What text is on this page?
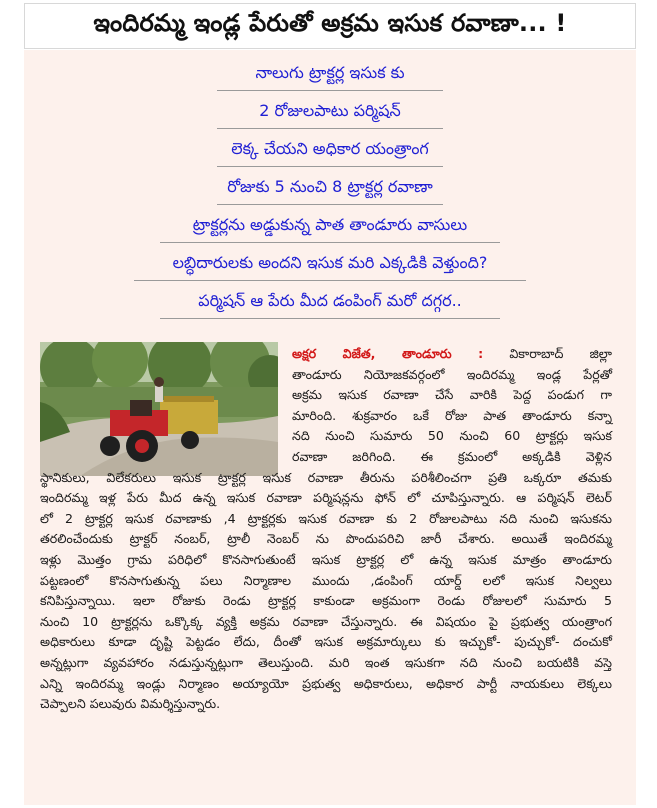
ఇందిరమ్మ ఇండ్ల పేరుతో అక్రమ ఇసుక రవాణా... !
నాలుగు ట్రాక్టర్ల ఇసుక కు
2 రోజులపాటు పర్మిషన్
లెక్క చేయని అధికార యంత్రాంగ
రోజుకు 5 నుంచి 8 ట్రాక్టర్ల రవాణా
ట్రాక్టర్లను అడ్డుకున్న పాత తాండూరు వాసులు
లబ్ధిదారులకు అందని ఇసుక మరి ఎక్కడికి వెళ్తుంది?
పర్మిషన్ ఆ పేరు మీద డంపింగ్ మరో దగ్గర..
అక్షర విజేత, తాండూరు : వికారాబాద్ జిల్లా
తాండూరు నియోజకవర్గంలో ఇందిరమ్మ ఇండ్ల పేర్లతో
అక్రమ ఇసుక రవాణా చేసే వారికి పెద్ద పండుగ గా
మారింది. శుక్రవారం ఒకే రోజు పాత తాండూరు కన్నా
నది నుంచి సుమారు 50 నుంచి 60 ట్రాక్టర్లు ఇసుక
రవాణా జరిగింది. ఈ క్రమంలో అక్కడికి వెళ్లిన
స్థానికులు, విలేకరులు ఇసుక ట్రాక్టర్ల ఇసుక రవాణా తీరును పరిశీలించగా ప్రతి ఒక్కరూ తమకు
ఇందిరమ్మ ఇళ్ల పేరు మీద ఉన్న ఇసుక రవాణా పర్మిషన్లను ఫోన్ లో చూపిస్తున్నారు. ఆ పర్మిషన్ లెటర్
లో 2 ట్రాక్టర్ల ఇసుక రవాణాకు ,4 ట్రాక్టర్లకు ఇసుక రవాణా కు 2 రోజులపాటు నది నుంచి ఇసుకను
తరలించేందుకు ట్రాక్టర్ నంబర్, ట్రాలీ నెంబర్ ను పొందుపరిచి జారీ చేశారు. అయితే ఇందిరమ్మ
ఇళ్లు మొత్తం గ్రామ పరిధిలో కొనసాగుతుంటే ఇసుక ట్రాక్టర్ల లో ఉన్న ఇసుక మాత్రం తాండూరు
పట్టణంలో కొనసాగుతున్న పలు నిర్మాణాల ముందు ,డంపింగ్ యార్డ్ లలో ఇసుక నిల్వలు
కనిపిస్తున్నాయి. ఇలా రోజుకు రెండు ట్రాక్టర్ల కాకుండా అక్రమంగా రెండు రోజులలో సుమారు 5
నుంచి 10 ట్రాక్టర్లను ఒక్కొక్క వ్యక్తి అక్రమ రవాణా చేస్తున్నారు. ఈ విషయం పై ప్రభుత్వ యంత్రాంగ
అధికారులు కూడా దృష్టి పెట్టడం లేదు, దీంతో ఇసుక అక్రమార్కులు కు ఇచ్చుకో- పుచ్చుకో- దంచుకో
అన్నట్లుగా వ్యవహారం నడుస్తున్నట్లుగా తెలుస్తుంది. మరి ఇంత ఇసుకగా నది నుంచి బయటికి వస్తె
ఎన్ని ఇందిరమ్మ ఇండ్లు నిర్మాణం అయ్యాయో ప్రభుత్వ అధికారులు, అధికార పార్టీ నాయకులు లెక్కలు
చెప్పాలని పలువురు విమర్శిస్తున్నారు.
